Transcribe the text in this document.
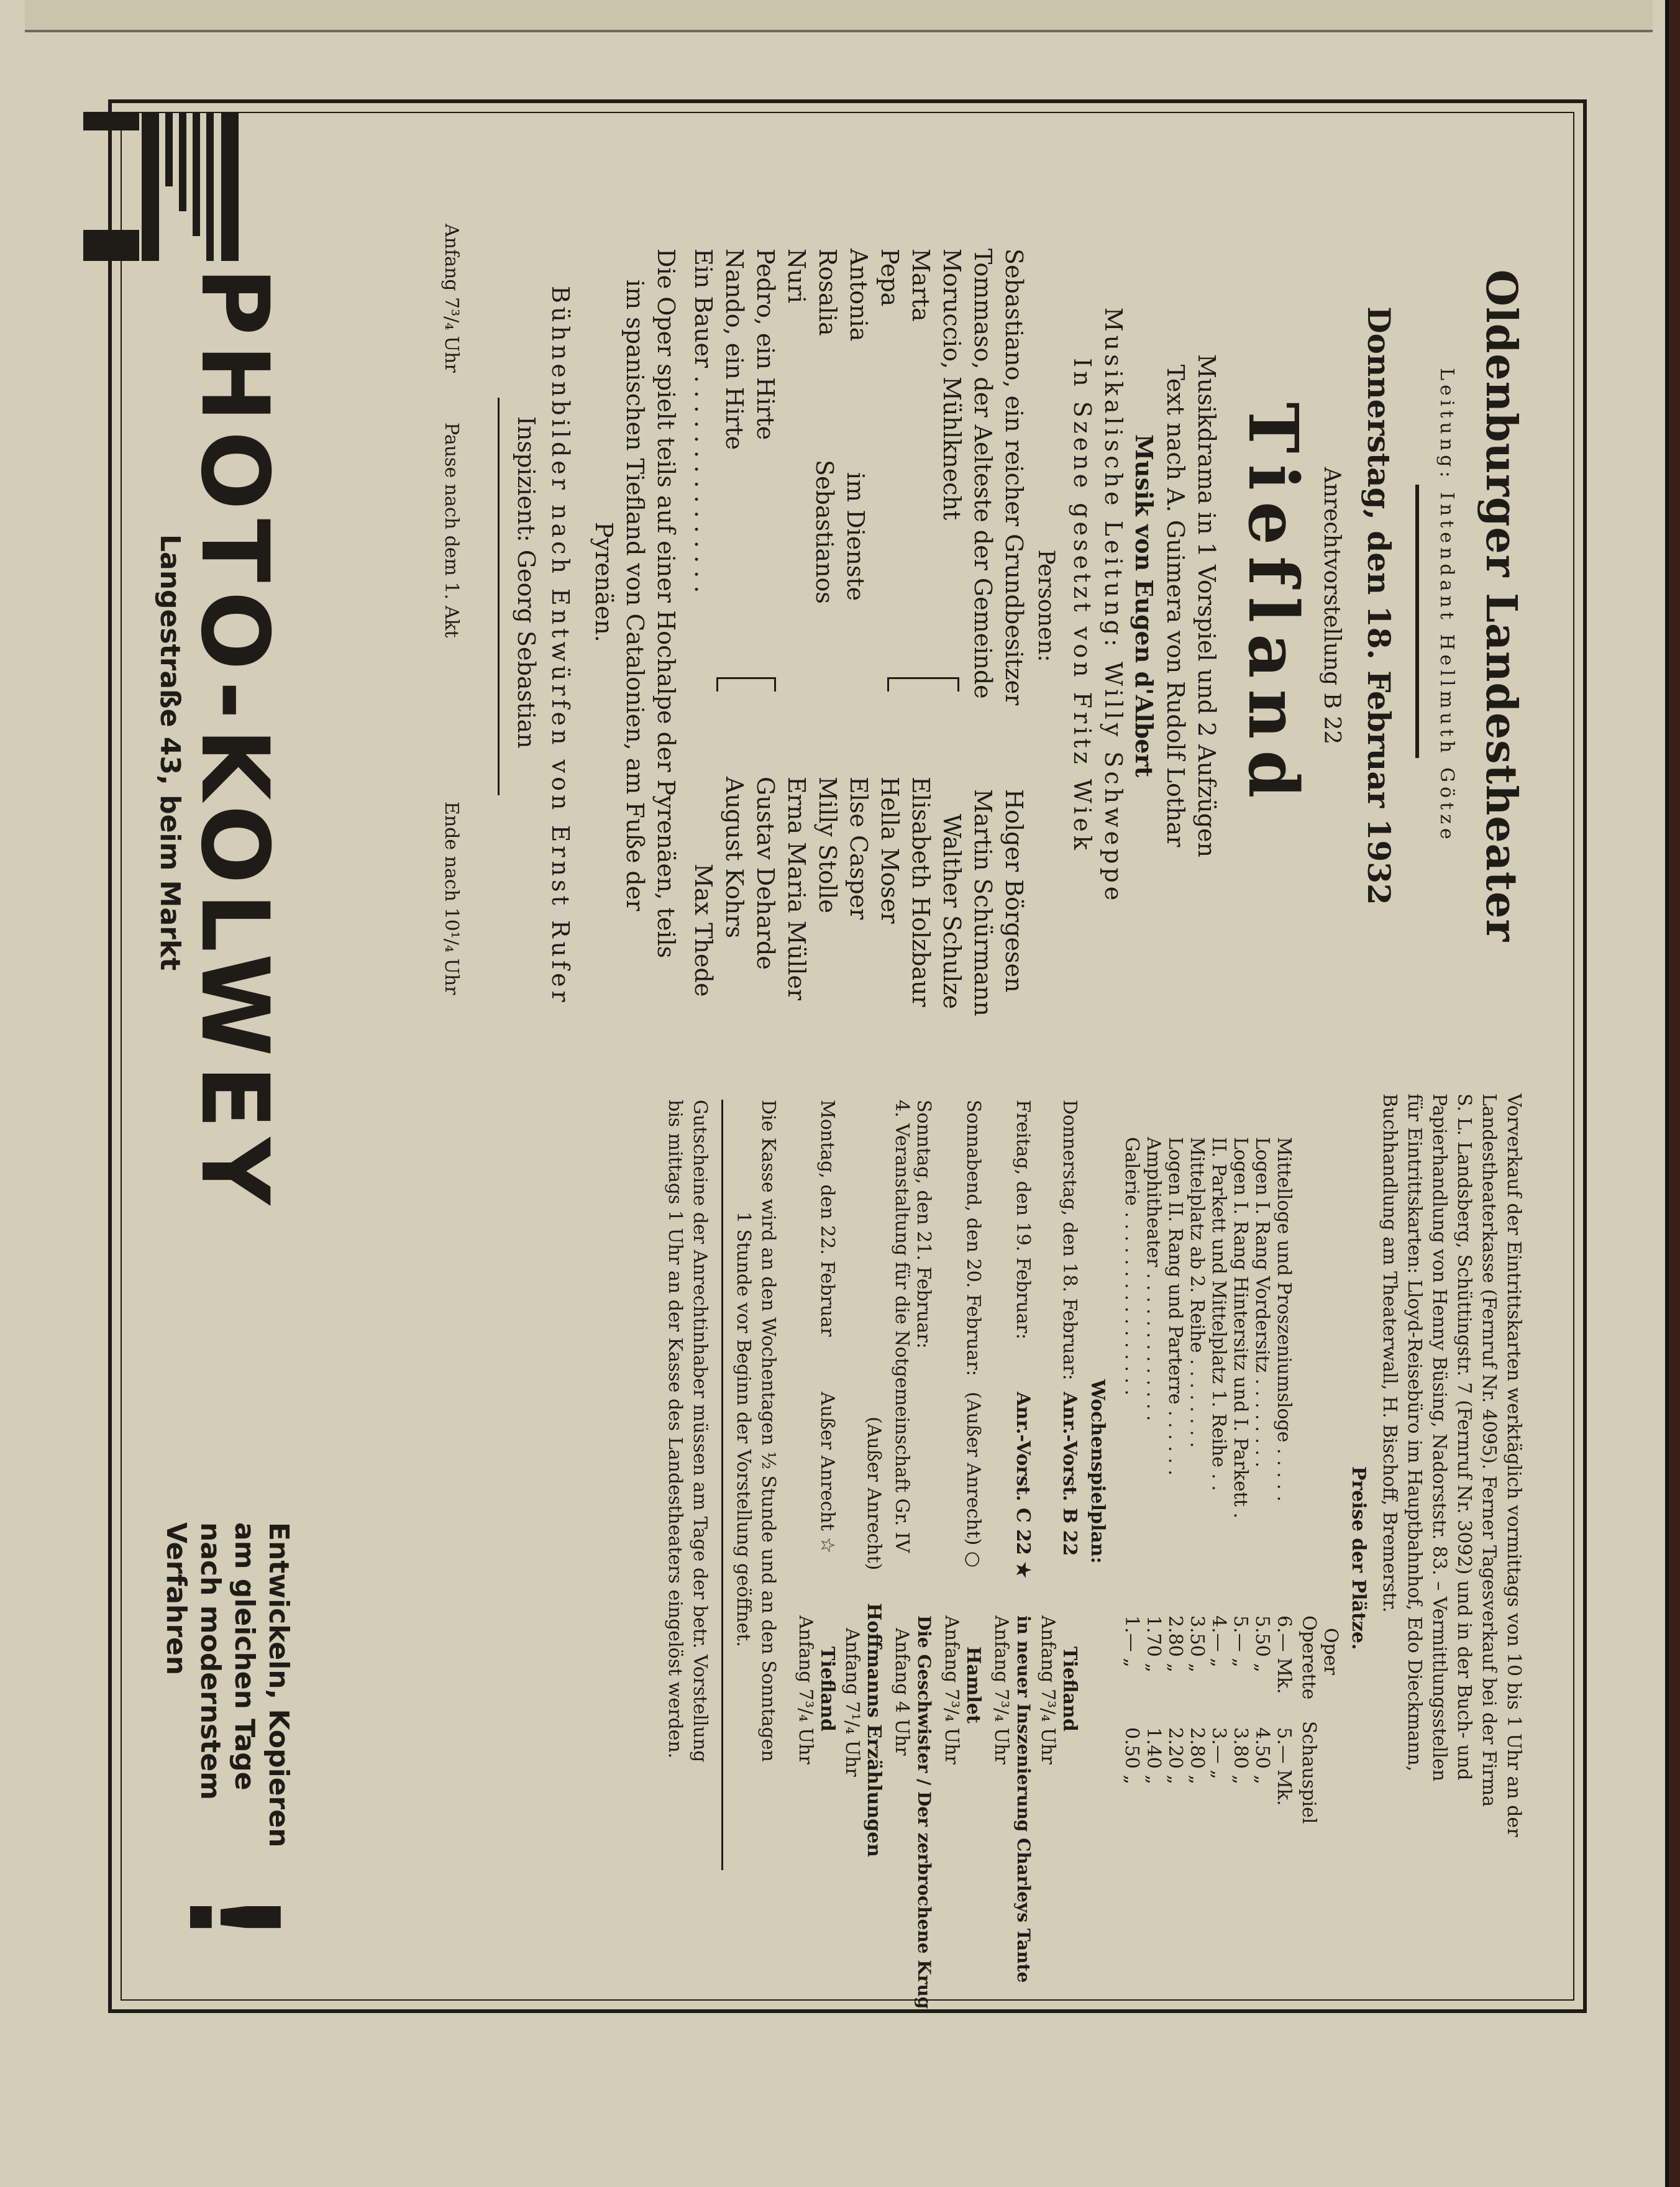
Oldenburger Landestheater
Leitung: Intendant Hellmuth Götze
Donnerstag, den 18. Februar 1932
Anrechtvorstellung B 22
Tiefland
Musikdrama in 1 Vorspiel und 2 Aufzügen
Text nach A. Guimera von Rudolf Lothar
Musik von Eugen d'Albert
Musikalische Leitung: Willy Schweppe
In Szene gesetzt von Fritz Wiek
Personen:
Sebastiano, ein reicher Grundbesitzer
Holger Börgesen
Tommaso, der Aelteste der Gemeinde
Martin Schürmann
Moruccio, Mühlknecht
Walther Schulze
Marta
Elisabeth Holzbaur
Pepa
Hella Moser
Antonia
Else Casper
Rosalia
Milly Stolle
Nuri
Erna Maria Müller
Pedro, ein Hirte
Gustav Deharde
Nando, ein Hirte
August Kohrs
Ein Bauer . . . . . . . . . . . . . . .
Max Thede
im Dienste
Sebastianos
Die Oper spielt teils auf einer Hochalpe der Pyrenäen, teils
im spanischen Tiefland von Catalonien, am Fuße der
Pyrenäen.
Bühnenbilder nach Entwürfen von Ernst Rufer
Inspizient: Georg Sebastian
Anfang 7³/₄ Uhr
Pause nach dem 1. Akt
Ende nach 10¹/₄ Uhr
Vorverkauf der Eintrittskarten werktäglich vormittags von 10 bis 1 Uhr an der
Landestheaterkasse (Fernruf Nr. 4095). Ferner Tagesverkauf bei der Firma
S. L. Landsberg, Schüttingstr. 7 (Fernruf Nr. 3092) und in der Buch- und
Papierhandlung von Henny Büsing, Nadorststr. 83. – Vermittlungsstellen
für Eintrittskarten: Lloyd-Reisebüro im Hauptbahnhof, Edo Dieckmann,
Buchhandlung am Theaterwall, H. Bischoff, Bremerstr.
Preise der Plätze.
Oper
Operette
Schauspiel
Mittelloge und Proszeniumsloge . . . . .
6.— Mk.
5.— Mk.
Logen I. Rang Vordersitz . . . . . . . .
5.50 „
4.50 „
Logen I. Rang Hintersitz und I. Parkett .
5.— „
3.80 „
II. Parkett und Mittelplatz 1. Reihe . .
4.— „
3.— „
Mittelplatz ab 2. Reihe . . . . . . . .
3.50 „
2.80 „
Logen II. Rang und Parterre . . . . . .
2.80 „
2.20 „
Amphitheater . . . . . . . . . . . . .
1.70 „
1.40 „
Galerie . . . . . . . . . . . . . . . .
1.— „
0.50 „
Wochenspielplan:
Donnerstag, den 18. Februar:
Anr.-Vorst. B 22
Tiefland
Anfang 7³/₄ Uhr
Freitag, den 19. Februar:
Anr.-Vorst. C 22 ★
in neuer Inszenierung Charleys Tante
Anfang 7³/₄ Uhr
Sonnabend, den 20. Februar:
(Außer Anrecht) ○
Hamlet
Anfang 7³/₄ Uhr
Sonntag, den 21. Februar:
4. Veranstaltung für die Notgemeinschaft Gr. IV
Die Geschwister / Der zerbrochene Krug
Anfang 4 Uhr
(Außer Anrecht)
Hoffmanns Erzählungen
Anfang 7¹/₄ Uhr
Montag, den 22. Februar
Außer Anrecht ☆
Tiefland
Anfang 7³/₄ Uhr
Die Kasse wird an den Wochentagen ½ Stunde und an den Sonntagen
1 Stunde vor Beginn der Vorstellung geöffnet.
Gutscheine der Anrechtinhaber müssen am Tage der betr. Vorstellung
bis mittags 1 Uhr an der Kasse des Landestheaters eingelöst werden.
PHOTO-KOLWEY
Langestraße 43, beim Markt
Entwickeln, Kopieren
am gleichen Tage
nach modernstem
Verfahren
!
